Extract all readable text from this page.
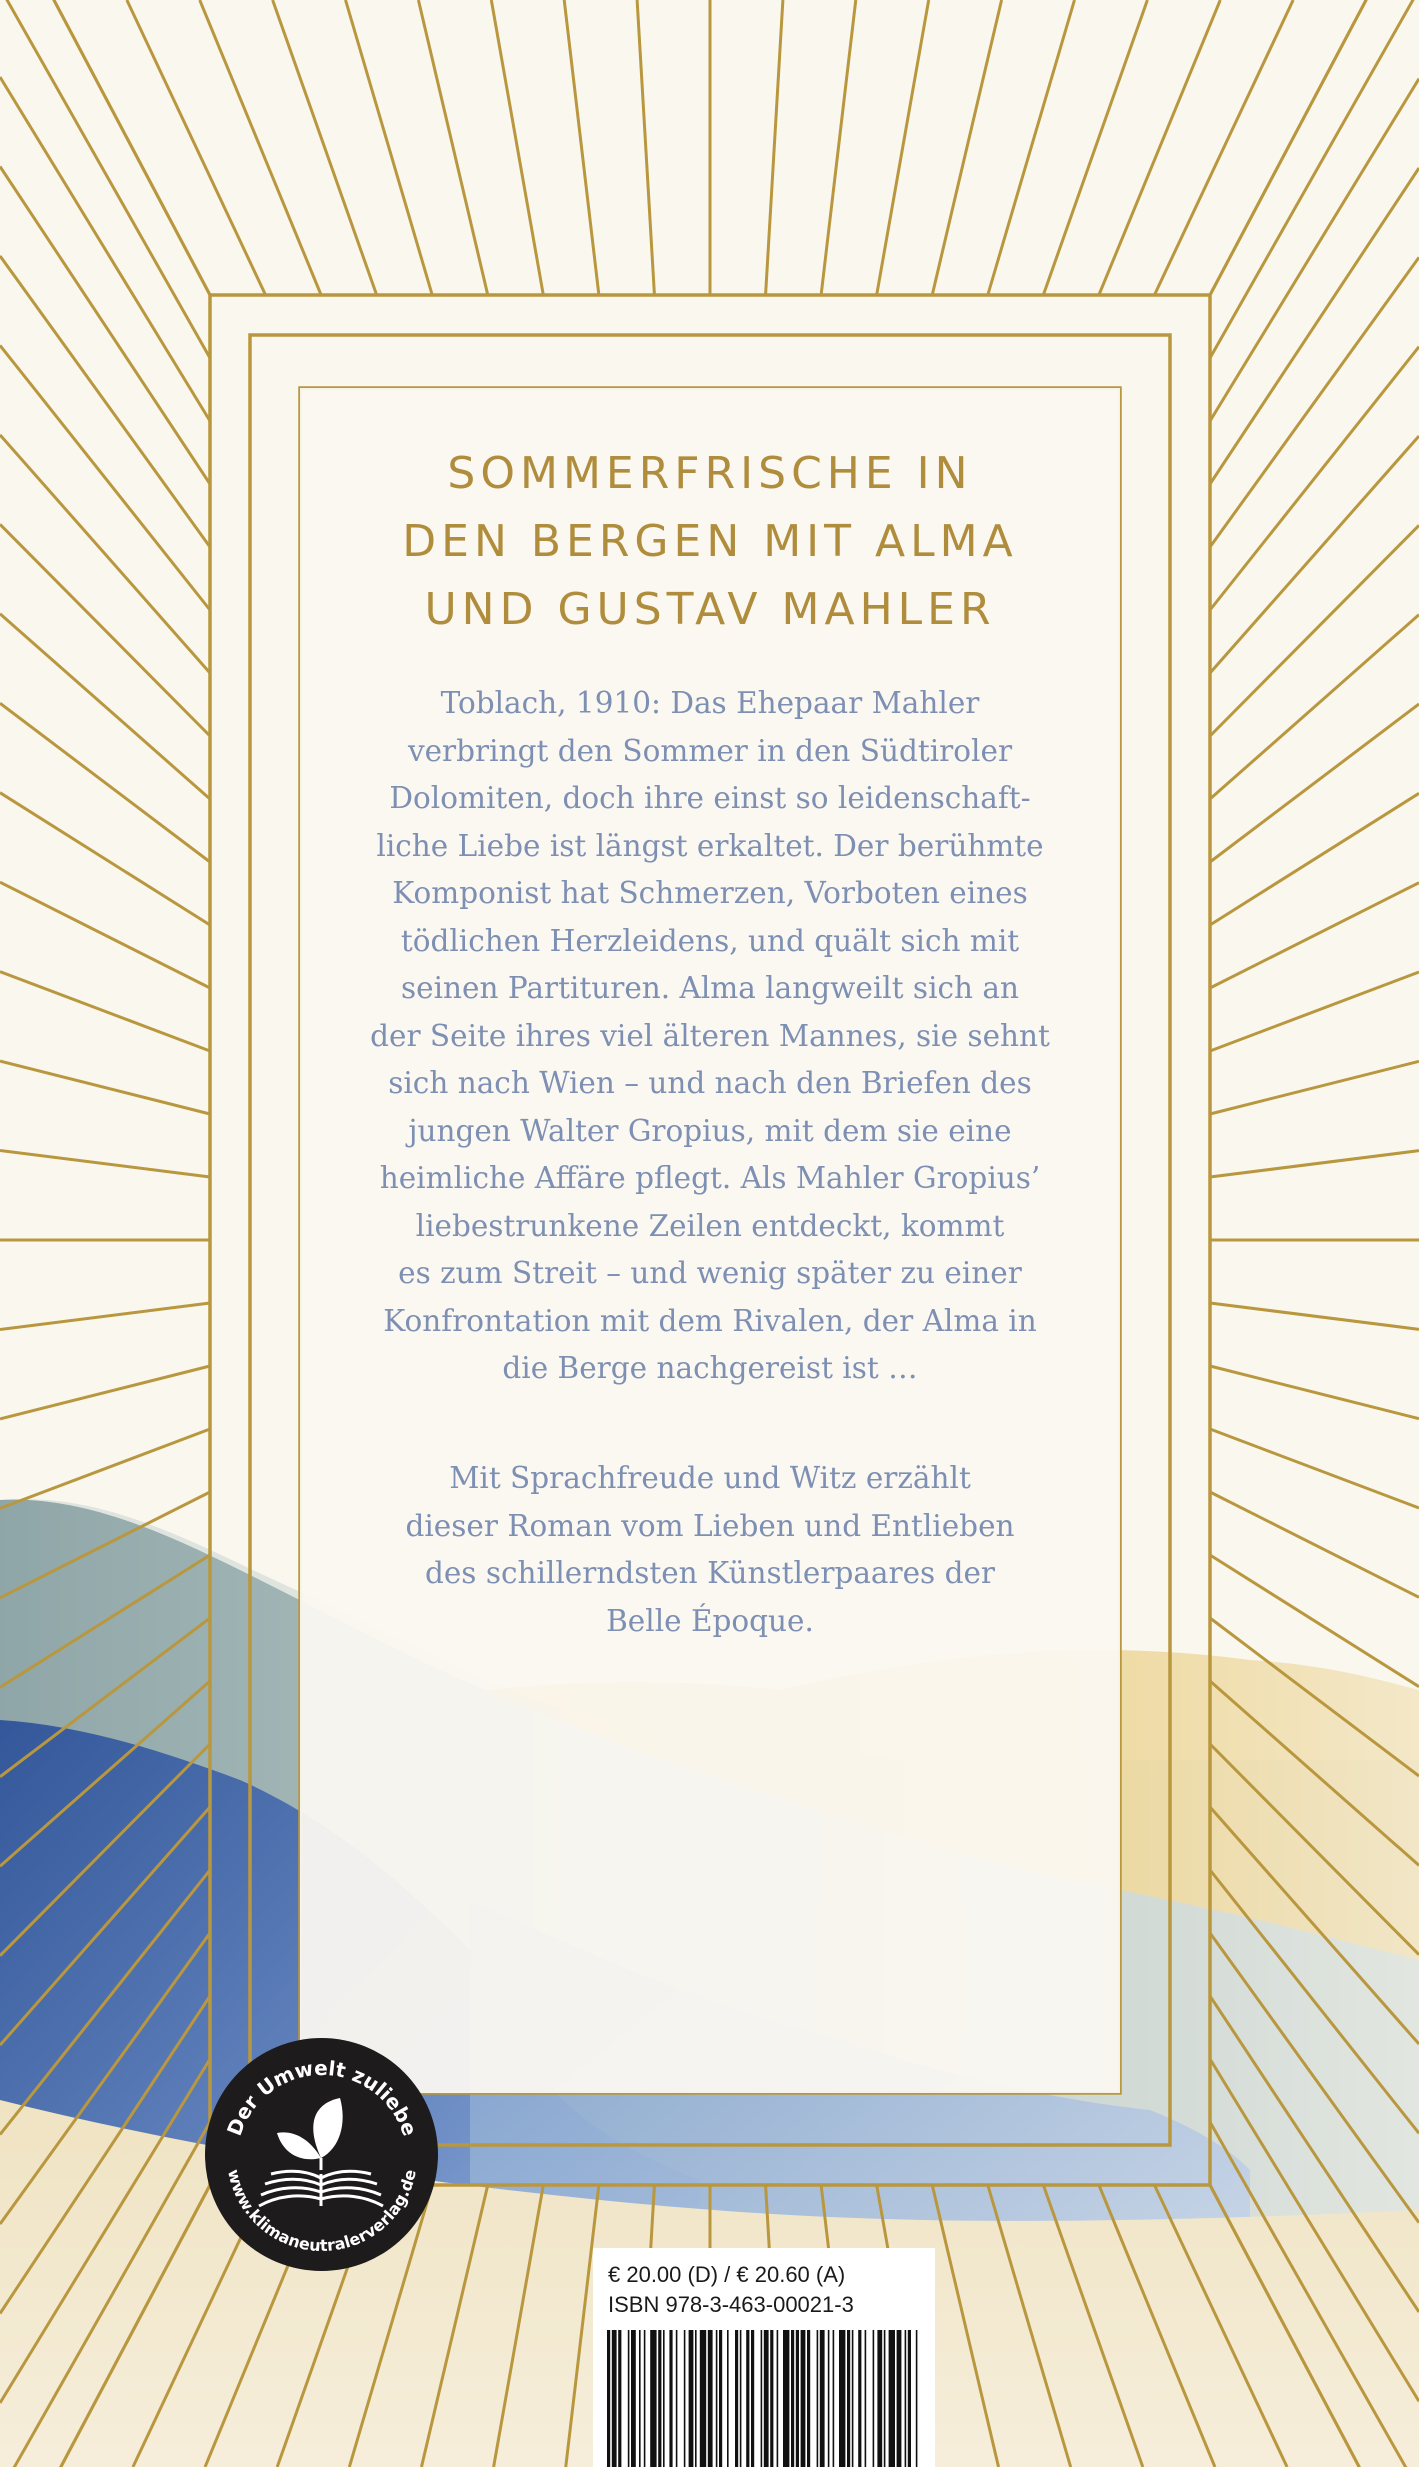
SOMMERFRISCHE IN
DEN BERGEN MIT ALMA
UND GUSTAV MAHLER
Toblach, 1910: Das Ehepaar Mahler
verbringt den Sommer in den Südtiroler
Dolomiten, doch ihre einst so leidenschaft-
liche Liebe ist längst erkaltet. Der berühmte
Komponist hat Schmerzen, Vorboten eines
tödlichen Herzleidens, und quält sich mit
seinen Partituren. Alma langweilt sich an
der Seite ihres viel älteren Mannes, sie sehnt
sich nach Wien – und nach den Briefen des
jungen Walter Gropius, mit dem sie eine
heimliche Affäre pflegt. Als Mahler Gropius’
liebestrunkene Zeilen entdeckt, kommt
es zum Streit – und wenig später zu einer
Konfrontation mit dem Rivalen, der Alma in
die Berge nachgereist ist …
Mit Sprachfreude und Witz erzählt
dieser Roman vom Lieben und Entlieben
des schillerndsten Künstlerpaares der
Belle Époque.
Der Umwelt zuliebe
www.klimaneutralerverlag.de
€ 20.00 (D) / € 20.60 (A)
ISBN 978-3-463-00021-3
